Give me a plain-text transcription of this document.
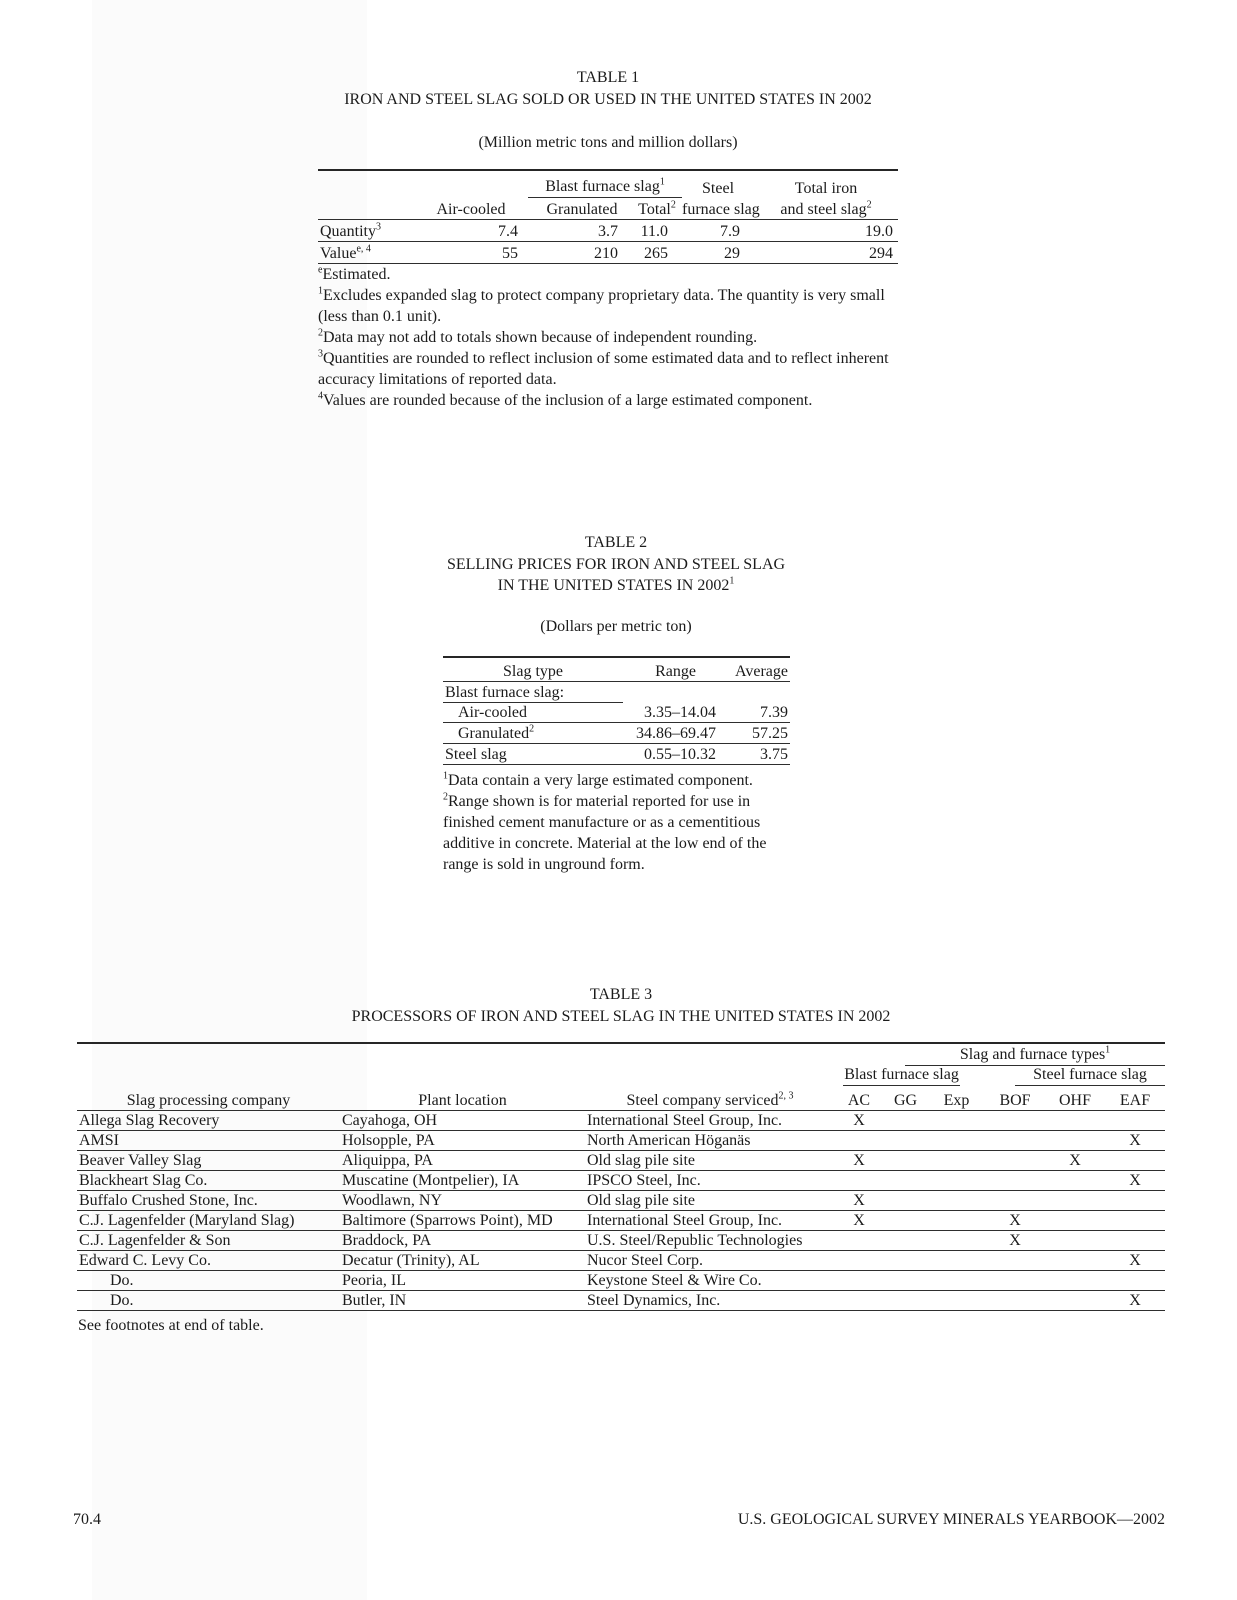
TABLE 1
IRON AND STEEL SLAG SOLD OR USED IN THE UNITED STATES IN 2002
(Million metric tons and million dollars)

	Blast furnace slag$^1$			Steel	Total iron
	Air-cooled	Granulated	Total$^2$	furnace slag	and steel slag$^2$
Quantity$^3$	7.4	3.7	11.0	7.9	19.0
Value$^{e, 4}$	55	210	265	29	294
$^e$Estimated.
$^1$Excludes expanded slag to protect company proprietary data. The quantity is very small (less than 0.1 unit).
$^2$Data may not add to totals shown because of independent rounding.
$^3$Quantities are rounded to reflect inclusion of some estimated data and to reflect inherent accuracy limitations of reported data.
$^4$Values are rounded because of the inclusion of a large estimated component.
TABLE 2
SELLING PRICES FOR IRON AND STEEL SLAG
IN THE UNITED STATES IN 2002$^1$
(Dollars per metric ton)
Slag type	Range	Average
Blast furnace slag:		
Air-cooled	3.35–14.04	7.39
Granulated$^2$	34.86–69.47	57.25
Steel slag	0.55–10.32	3.75
$^1$Data contain a very large estimated component.
$^2$Range shown is for material reported for use in finished cement manufacture or as a cementitious additive in concrete. Material at the low end of the range is sold in unground form.
TABLE 3
PROCESSORS OF IRON AND STEEL SLAG IN THE UNITED STATES IN 2002

			Slag and furnace types$^1$

			Blast furnace slag			Steel furnace slag		

Slag processing company	Plant location	Steel company serviced$^{2, 3}$	AC	GG	Exp	BOF	OHF	EAF
Allega Slag Recovery	Cayahoga, OH	International Steel Group, Inc.	X					
AMSI	Holsopple, PA	North American Höganäs						X
Beaver Valley Slag	Aliquippa, PA	Old slag pile site	X				X	
Blackheart Slag Co.	Muscatine (Montpelier), IA	IPSCO Steel, Inc.						X
Buffalo Crushed Stone, Inc.	Woodlawn, NY	Old slag pile site	X					
C.J. Lagenfelder (Maryland Slag)	Baltimore (Sparrows Point), MD	International Steel Group, Inc.	X			X		
C.J. Lagenfelder & Son	Braddock, PA	U.S. Steel/Republic Technologies				X		
Edward C. Levy Co.	Decatur (Trinity), AL	Nucor Steel Corp.						X
Do.	Peoria, IL	Keystone Steel & Wire Co.						
Do.	Butler, IN	Steel Dynamics, Inc.						X
See footnotes at end of table.
70.4	U.S. GEOLOGICAL SURVEY MINERALS YEARBOOK—2002
